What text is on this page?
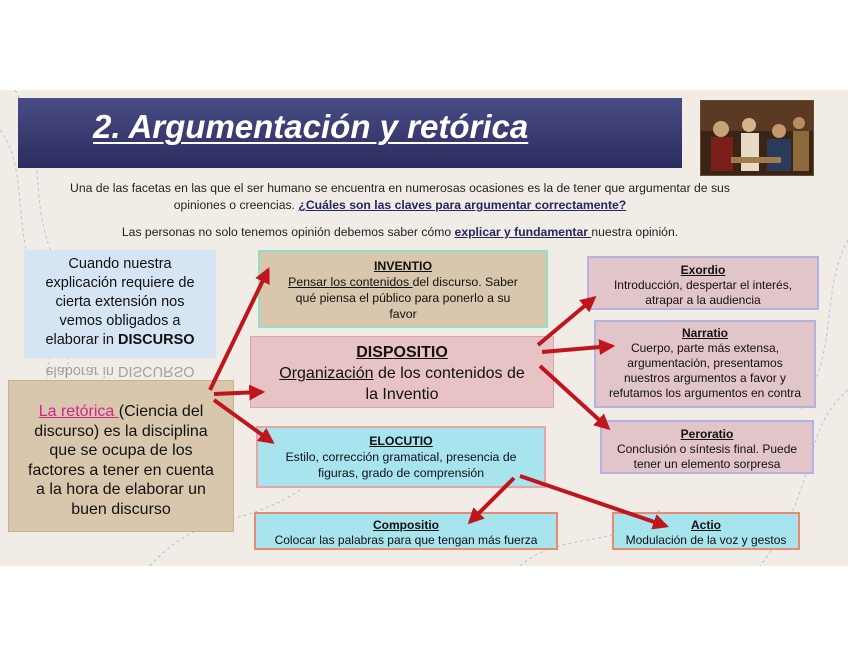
2. Argumentación y retórica
Una de las facetas en las que el ser humano se encuentra en numerosas ocasiones es la de tener que argumentar de sus
opiniones o creencias. ¿Cuáles son las claves para argumentar correctamente?
Las personas no solo tenemos opinión debemos saber cómo explicar y fundamentar nuestra opinión.
Cuando nuestra
explicación requiere de
cierta extensión nos
vemos obligados a
elaborar in DISCURSO
elaborar in DISCURSO
La retórica (Ciencia del
discurso) es la disciplina
que se ocupa de los
factores a tener en cuenta
a la hora de elaborar un
buen discurso
INVENTIO
Pensar los contenidos del discurso. Saber
qué piensa el público para ponerlo a su
favor
DISPOSITIO
Organización de los contenidos de
la Inventio
ELOCUTIO
Estilo, corrección gramatical, presencia de
figuras, grado de comprensión
Compositio
Colocar las palabras para que tengan más fuerza
Actio
Modulación de la voz y gestos
Exordio
Introducción, despertar el interés,
atrapar a la audiencia
Narratio
Cuerpo, parte más extensa,
argumentación, presentamos
nuestros argumentos a favor y
refutamos los argumentos en contra
Peroratio
Conclusión o síntesis final. Puede
tener un elemento sorpresa
